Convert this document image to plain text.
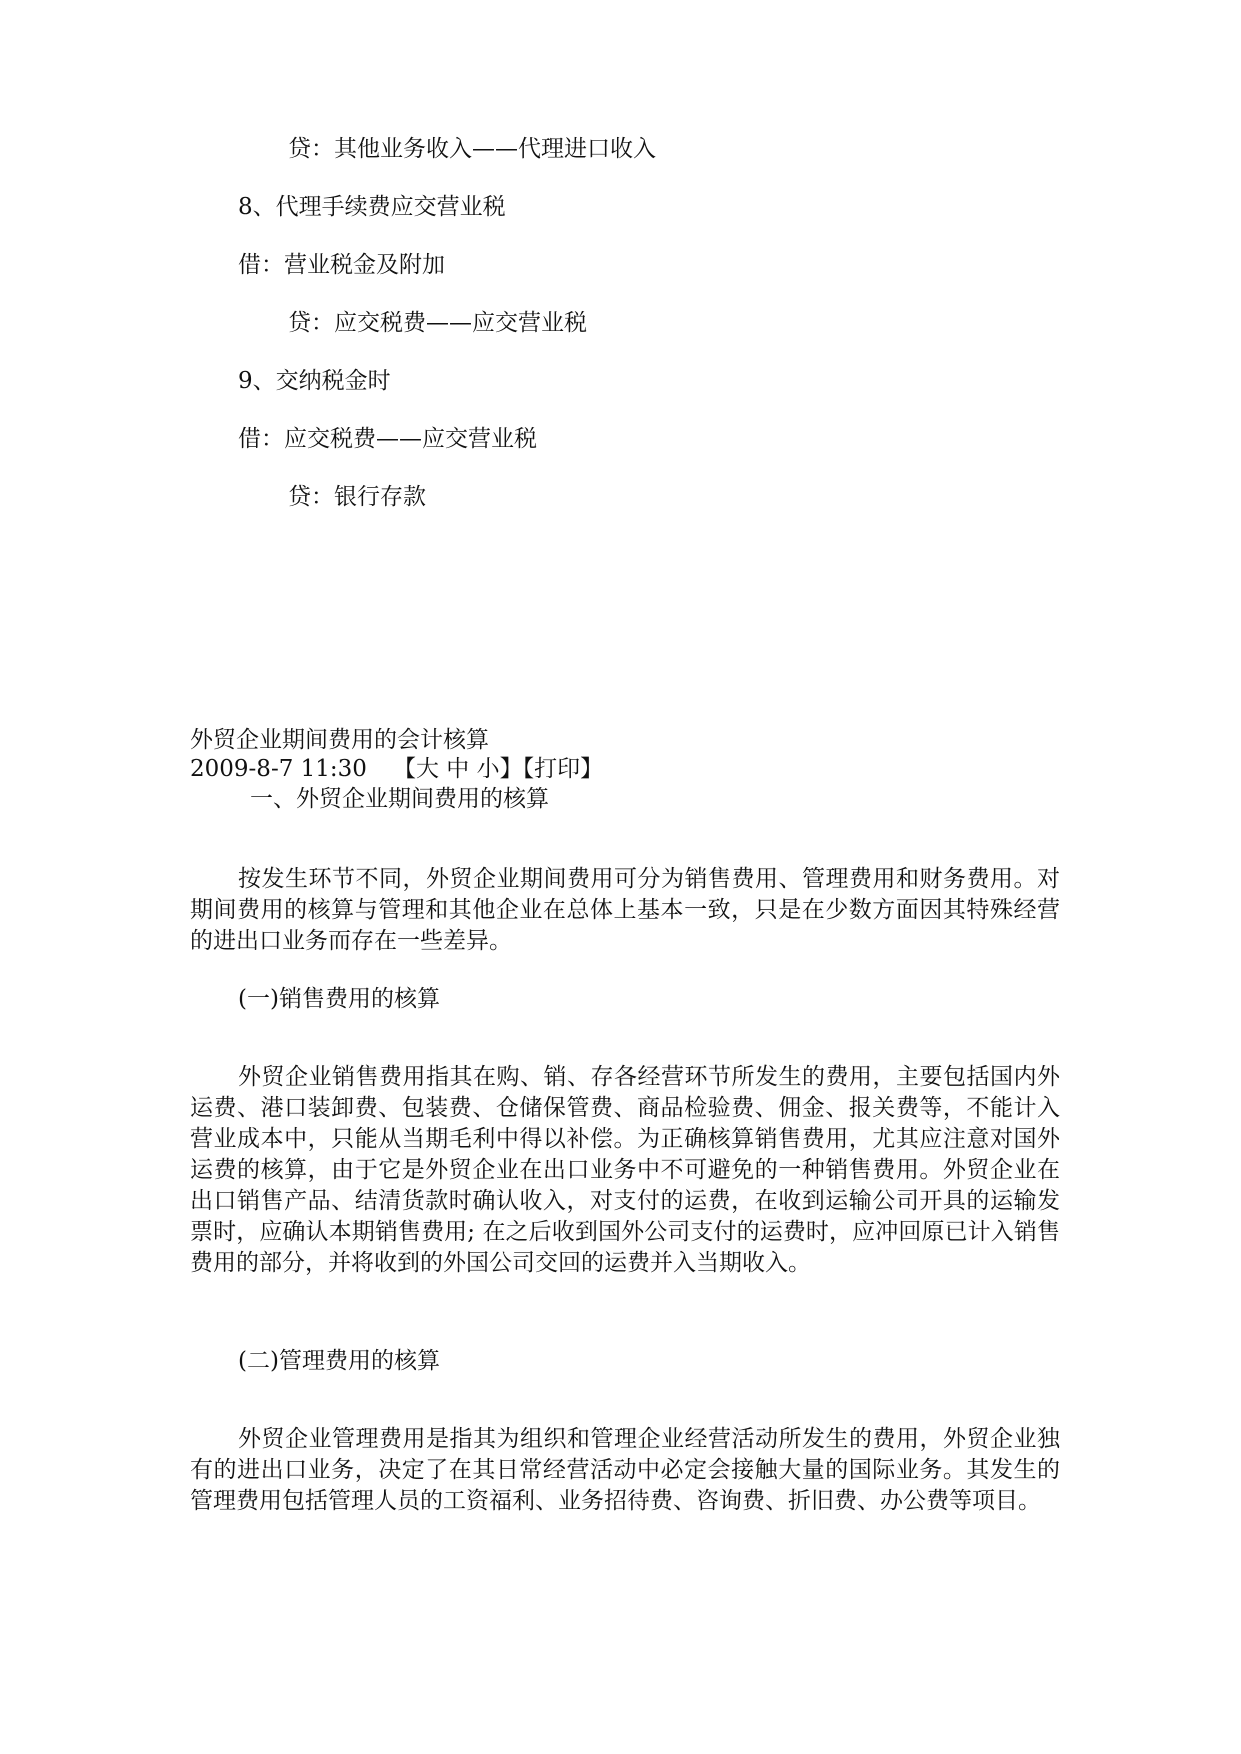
贷：其他业务收入——代理进口收入
8、代理手续费应交营业税
借：营业税金及附加
贷：应交税费——应交营业税
9、交纳税金时
借：应交税费——应交营业税
贷：银行存款
外贸企业期间费用的会计核算
2009-8-7 11:30 【大 中 小】【打印】
一、外贸企业期间费用的核算

按发生环节不同，外贸企业期间费用可分为销售费用、管理费用和财务费用。对期间费用的核算与管理和其他企业在总体上基本一致，只是在少数方面因其特殊经营的进出口业务而存在一些差异。

(一)销售费用的核算

外贸企业销售费用指其在购、销、存各经营环节所发生的费用，主要包括国内外运费、港口装卸费、包装费、仓储保管费、商品检验费、佣金、报关费等，不能计入营业成本中，只能从当期毛利中得以补偿。为正确核算销售费用，尤其应注意对国外运费的核算，由于它是外贸企业在出口业务中不可避免的一种销售费用。外贸企业在出口销售产品、结清货款时确认收入，对支付的运费，在收到运输公司开具的运输发票时，应确认本期销售费用; 在之后收到国外公司支付的运费时，应冲回原已计入销售费用的部分，并将收到的外国公司交回的运费并入当期收入。

(二)管理费用的核算

外贸企业管理费用是指其为组织和管理企业经营活动所发生的费用，外贸企业独有的进出口业务，决定了在其日常经营活动中必定会接触大量的国际业务。其发生的管理费用包括管理人员的工资福利、业务招待费、咨询费、折旧费、办公费等项目。
